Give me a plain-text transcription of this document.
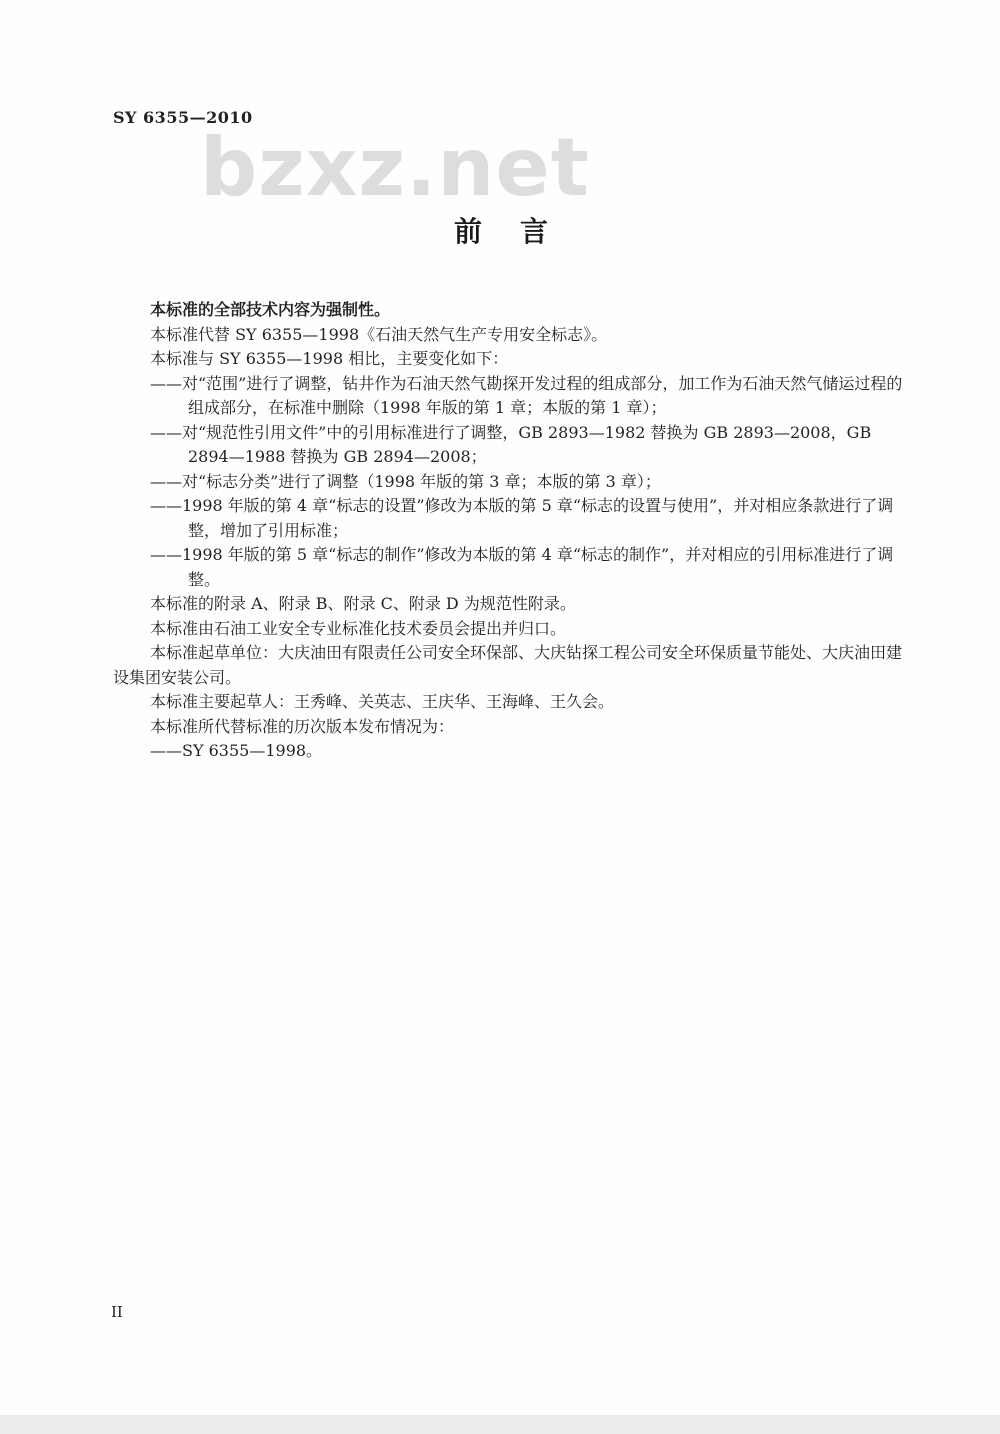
SY 6355—2010
bzxz.net
前言

本标准的全部技术内容为强制性。

本标准代替 SY 6355—1998《石油天然气生产专用安全标志》。

本标准与 SY 6355—1998 相比，主要变化如下：

——对“范围”进行了调整，钻井作为石油天然气勘探开发过程的组成部分，加工作为石油天然气储运过程的组成部分，在标准中删除（1998 年版的第 1 章；本版的第 1 章）；

——对“规范性引用文件”中的引用标准进行了调整，GB 2893—1982 替换为 GB 2893—2008，GB 2894—1988 替换为 GB 2894—2008；

——对“标志分类”进行了调整（1998 年版的第 3 章；本版的第 3 章）；

——1998 年版的第 4 章“标志的设置”修改为本版的第 5 章“标志的设置与使用”，并对相应条款进行了调整，增加了引用标准；

——1998 年版的第 5 章“标志的制作”修改为本版的第 4 章“标志的制作”，并对相应的引用标准进行了调整。

本标准的附录 A、附录 B、附录 C、附录 D 为规范性附录。

本标准由石油工业安全专业标准化技术委员会提出并归口。

本标准起草单位：大庆油田有限责任公司安全环保部、大庆钻探工程公司安全环保质量节能处、大庆油田建设集团安装公司。

本标准主要起草人：王秀峰、关英志、王庆华、王海峰、王久会。

本标准所代替标准的历次版本发布情况为：

——SY 6355—1998。

II
